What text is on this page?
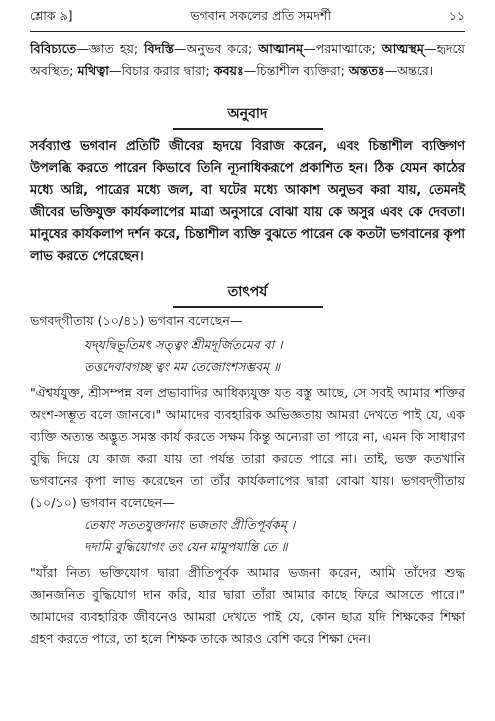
শ্লোক ৯]	ভগবান সকলের প্রতি সমদর্শী	১১
বিবিচ্যতে—জ্ঞাত হয়; বিদস্তি—অনুভব করে; আত্মানম্—পরমাত্মাকে; আত্মস্থম্—হৃদয়ে অবস্থিত; মথিত্বা—বিচার করার দ্বারা; কবয়ঃ—চিন্তাশীল ব্যক্তিরা; অন্ততঃ—অন্তরে।
অনুবাদ

সর্বব্যাপ্ত ভগবান প্রতিটি জীবের হৃদয়ে বিরাজ করেন, এবং চিন্তাশীল ব্যক্তিগণ উপলব্ধি করতে পারেন কিভাবে তিনি ন্যূনাধিকরূপে প্রকাশিত হন। ঠিক যেমন কাঠের মধ্যে অগ্নি, পাত্রের মধ্যে জল, বা ঘটের মধ্যে আকাশ অনুভব করা যায়, তেমনই জীবের ভক্তিযুক্ত কার্যকলাপের মাত্রা অনুসারে বোঝা যায় কে অসুর এবং কে দেবতা। মানুষের কার্যকলাপ দর্শন করে, চিন্তাশীল ব্যক্তি বুঝতে পারেন কে কতটা ভগবানের কৃপা লাভ করতে পেরেছেন।

তাৎপর্য

ভগবদ্‌গীতায় (১০/৪১) ভগবান বলেছেন—

যদ্‌যদ্বিভূতিমৎ সত্ত্বং শ্রীমদূর্জিতমেব বা ।
তত্তদেবাবগচ্ছ ত্বং মম তেজোংশসম্ভবম্ ॥

"ঐশ্বর্যযুক্ত, শ্রীসম্পন্ন বল প্রভাবাদির আধিক্যযুক্ত যত বস্তু আছে, সে সবই আমার শক্তির অংশ-সম্ভূত বলে জানবে।" আমাদের ব্যবহারিক অভিজ্ঞতায় আমরা দেখতে পাই যে, এক ব্যক্তি অত্যন্ত অদ্ভুত সমস্ত কার্য করতে সক্ষম কিন্তু অন্যেরা তা পারে না, এমন কি সাধারণ বুদ্ধি দিয়ে যে কাজ করা যায় তা পর্যন্ত তারা করতে পারে না। তাই, ভক্ত কতখানি ভগবানের কৃপা লাভ করেছেন তা তাঁর কার্যকলাপের দ্বারা বোঝা যায়। ভগবদ্‌গীতায় (১০/১০) ভগবান বলেছেন—

তেষাং সততযুক্তানাং ভজতাং প্রীতিপূর্বকম্ ।
দদামি বুদ্ধিযোগং তং যেন মামুপযান্তি তে ॥

"যাঁরা নিত্য ভক্তিযোগ দ্বারা প্রীতিপূর্বক আমার ভজনা করেন, আমি তাঁদের শুদ্ধ জ্ঞানজনিত বুদ্ধিযোগ দান করি, যার দ্বারা তাঁরা আমার কাছে ফিরে আসতে পারে।" আমাদের ব্যবহারিক জীবনেও আমরা দেখতে পাই যে, কোন ছাত্র যদি শিক্ষকের শিক্ষা গ্রহণ করতে পারে, তা হলে শিক্ষক তাকে আরও বেশি করে শিক্ষা দেন।
